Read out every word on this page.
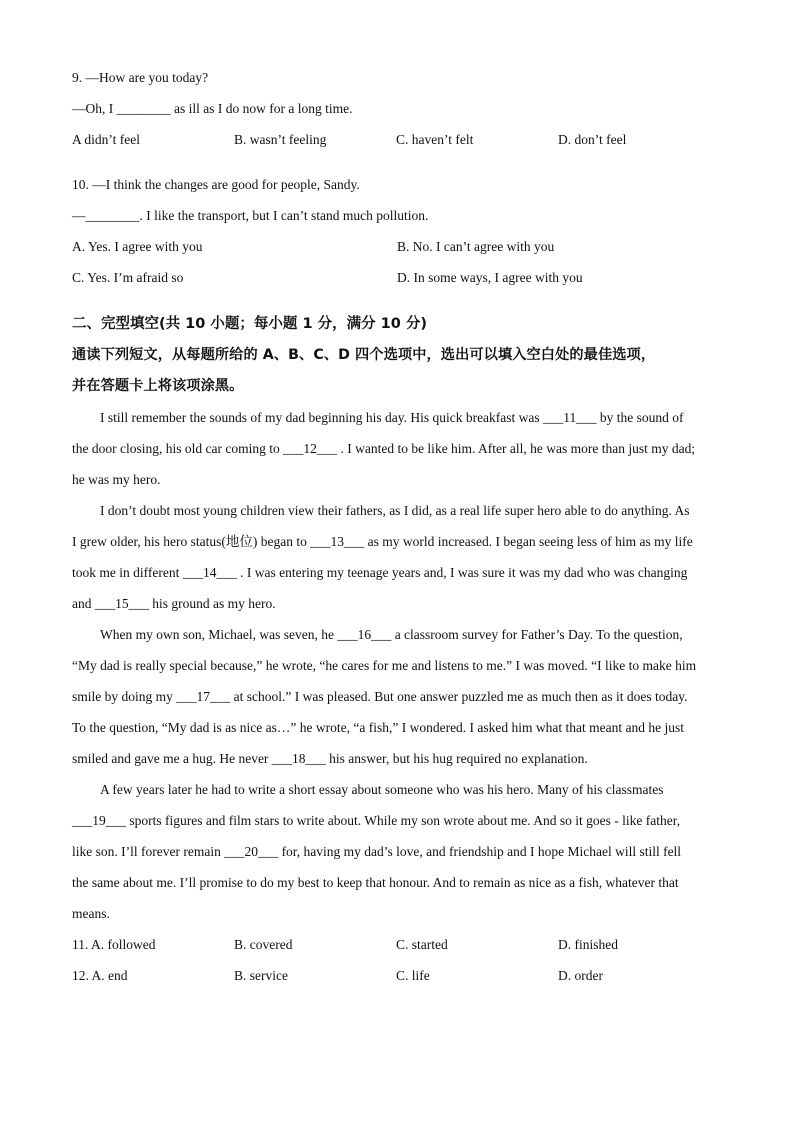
9. —How are you today?
—Oh, I ________ as ill as I do now for a long time.
A didn’t feel	B. wasn’t feeling	C. haven’t felt	D. don’t feel
10. —I think the changes are good for people, Sandy.
—________. I like the transport, but I can’t stand much pollution.
A. Yes. I agree with you	B. No. I can’t agree with you
C. Yes. I’m afraid so	D. In some ways, I agree with you
二、完型填空(共 10 小题；每小题 1 分，满分 10 分)
通读下列短文，从每题所给的 A、B、C、D 四个选项中，选出可以填入空白处的最佳选项，
并在答题卡上将该项涂黑。
I still remember the sounds of my dad beginning his day. His quick breakfast was ___11___ by the sound of
the door closing, his old car coming to ___12___ . I wanted to be like him. After all, he was more than just my dad;
he was my hero.
I don’t doubt most young children view their fathers, as I did, as a real life super hero able to do anything. As
I grew older, his hero status(地位) began to ___13___ as my world increased. I began seeing less of him as my life
took me in different ___14___ . I was entering my teenage years and, I was sure it was my dad who was changing
and ___15___ his ground as my hero.
When my own son, Michael, was seven, he ___16___ a classroom survey for Father’s Day. To the question,
“My dad is really special because,” he wrote, “he cares for me and listens to me.” I was moved. “I like to make him
smile by doing my ___17___ at school.” I was pleased. But one answer puzzled me as much then as it does today.
To the question, “My dad is as nice as…” he wrote, “a fish,” I wondered. I asked him what that meant and he just
smiled and gave me a hug. He never ___18___ his answer, but his hug required no explanation.
A few years later he had to write a short essay about someone who was his hero. Many of his classmates
___19___ sports figures and film stars to write about. While my son wrote about me. And so it goes - like father,
like son. I’ll forever remain ___20___ for, having my dad’s love, and friendship and I hope Michael will still fell
the same about me. I’ll promise to do my best to keep that honour. And to remain as nice as a fish, whatever that
means.
11. A. followed	B. covered	C. started	D. finished
12. A. end	B. service	C. life	D. order
